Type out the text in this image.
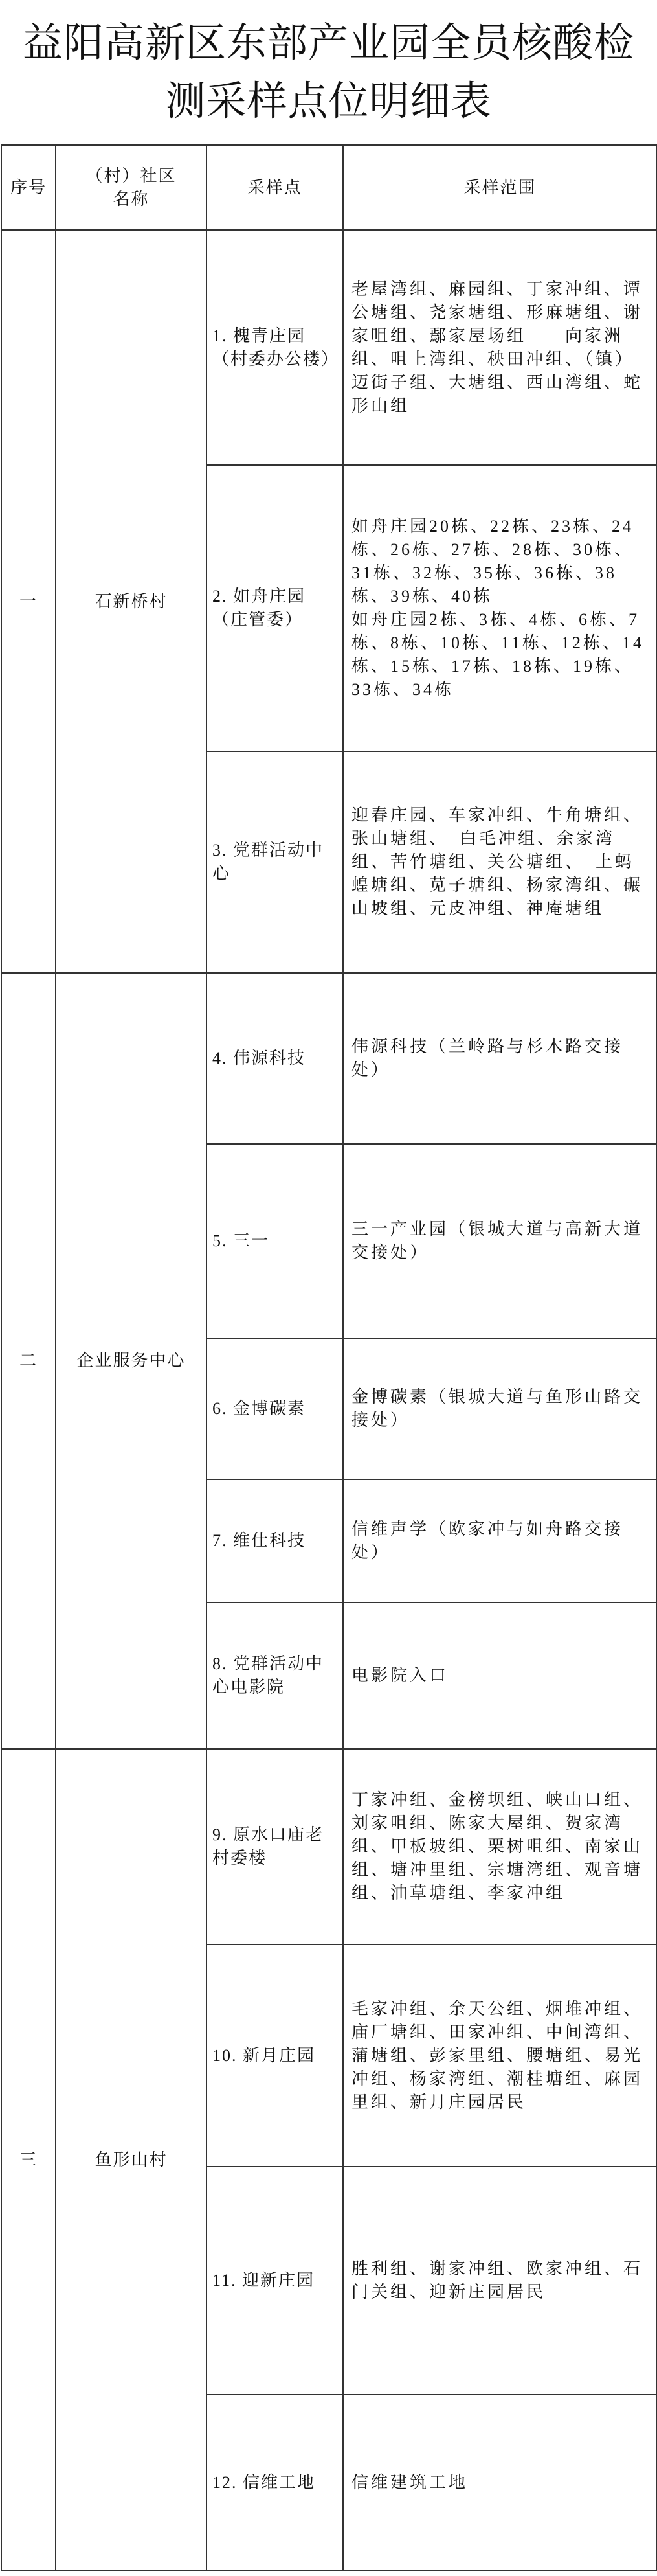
益阳高新区东部产业园全员核酸检测采样点位明细表
序号	（村）社区名称	采样点	采样范围
一	石新桥村	1. 槐青庄园（村委办公楼）	老屋湾组、麻园组、丁家冲组、谭公塘组、尧家塘组、形麻塘组、谢家咀组、鄢家屋场组　　向家洲组、咀上湾组、秧田冲组、（镇）迈街子组、大塘组、西山湾组、蛇形山组

		2. 如舟庄园（庄管委）	如舟庄园20栋、22栋、23栋、24栋、26栋、27栋、28栋、30栋、31栋、32栋、35栋、36栋、38栋、39栋、40栋
如舟庄园2栋、3栋、4栋、6栋、7栋、8栋、10栋、11栋、12栋、14栋、15栋、17栋、18栋、19栋、33栋、34栋

		3. 党群活动中心	迎春庄园、车家冲组、牛角塘组、张山塘组、　白毛冲组、余家湾组、苦竹塘组、关公塘组、　上蚂蝗塘组、苋子塘组、杨家湾组、碾山坡组、元皮冲组、神庵塘组

二	企业服务中心	4. 伟源科技	伟源科技（兰岭路与杉木路交接处）

		5. 三一	三一产业园（银城大道与高新大道交接处）

		6. 金博碳素	金博碳素（银城大道与鱼形山路交接处）

		7. 维仕科技	信维声学（欧家冲与如舟路交接处）

		8. 党群活动中心电影院	电影院入口

三	鱼形山村	9. 原水口庙老村委楼	丁家冲组、金榜坝组、峡山口组、刘家咀组、陈家大屋组、贺家湾组、甲板坡组、栗树咀组、南家山组、塘冲里组、宗塘湾组、观音塘组、油草塘组、李家冲组

		10. 新月庄园	毛家冲组、余天公组、烟堆冲组、庙厂塘组、田家冲组、中间湾组、蒲塘组、彭家里组、腰塘组、易光冲组、杨家湾组、潮桂塘组、麻园里组、新月庄园居民

		11. 迎新庄园	胜利组、谢家冲组、欧家冲组、石门关组、迎新庄园居民

		12. 信维工地	信维建筑工地
